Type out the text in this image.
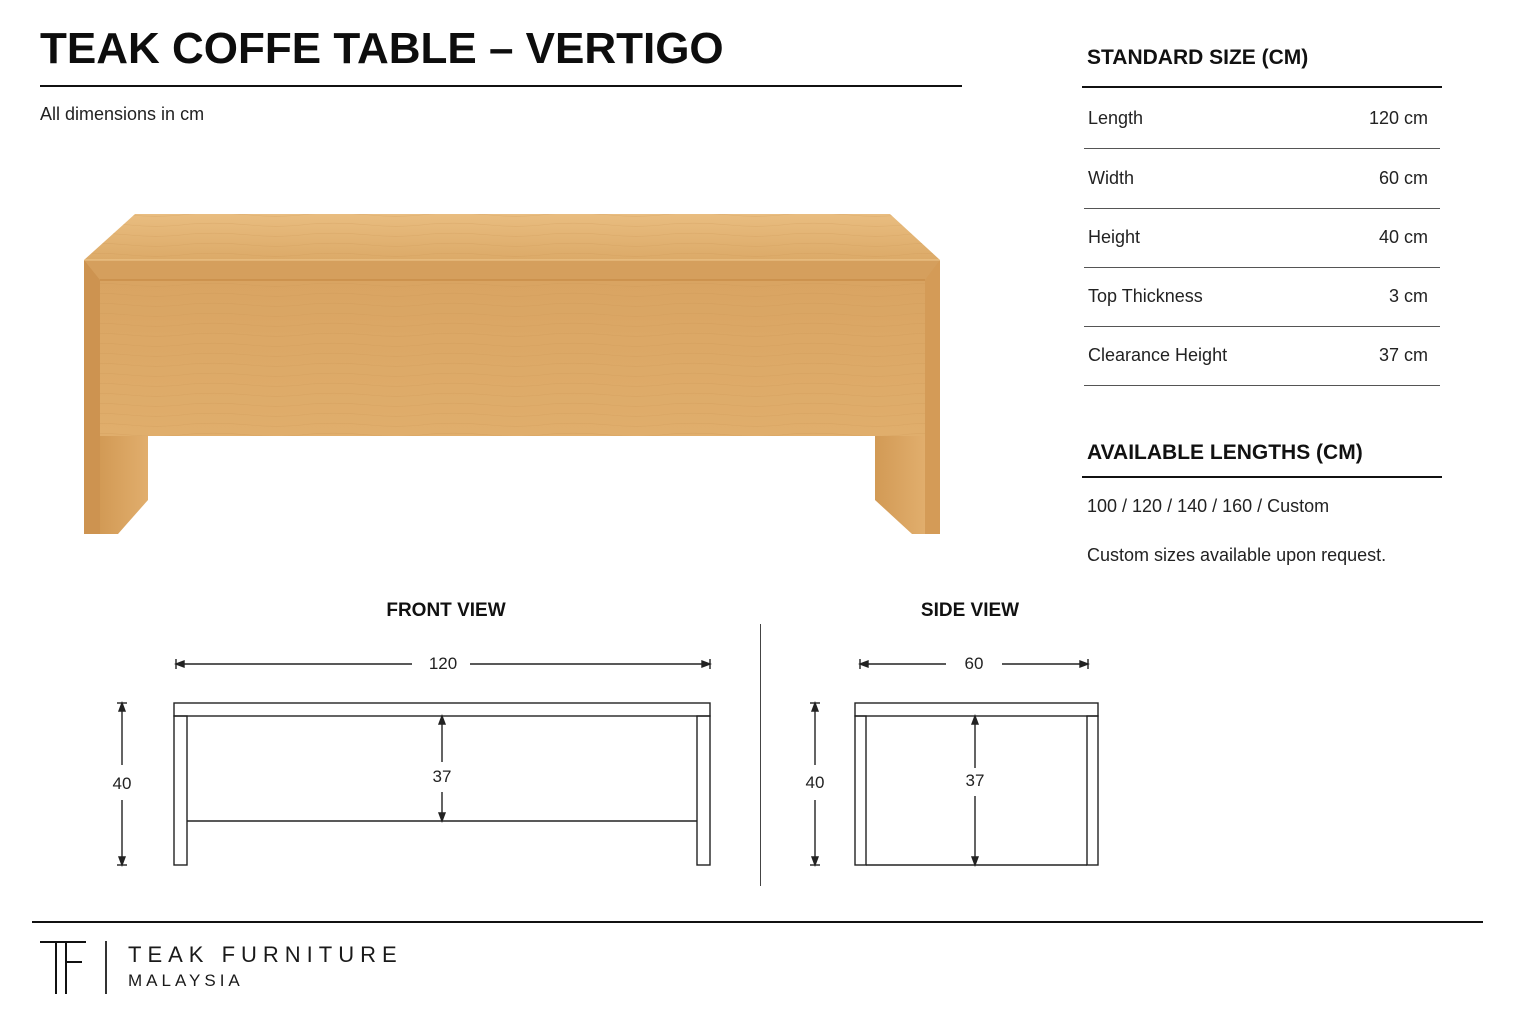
TEAK COFFE TABLE – VERTIGO
All dimensions in cm
STANDARD SIZE (CM)
Length	120 cm
Width	60 cm
Height	40 cm
Top Thickness	3 cm
Clearance Height	37 cm
AVAILABLE LENGTHS (CM)
100 / 120 / 140 / 160 / Custom
Custom sizes available upon request.
FRONT VIEW
120
40	37
SIDE VIEW
60
40	37
TEAK FURNITURE
MALAYSIA
